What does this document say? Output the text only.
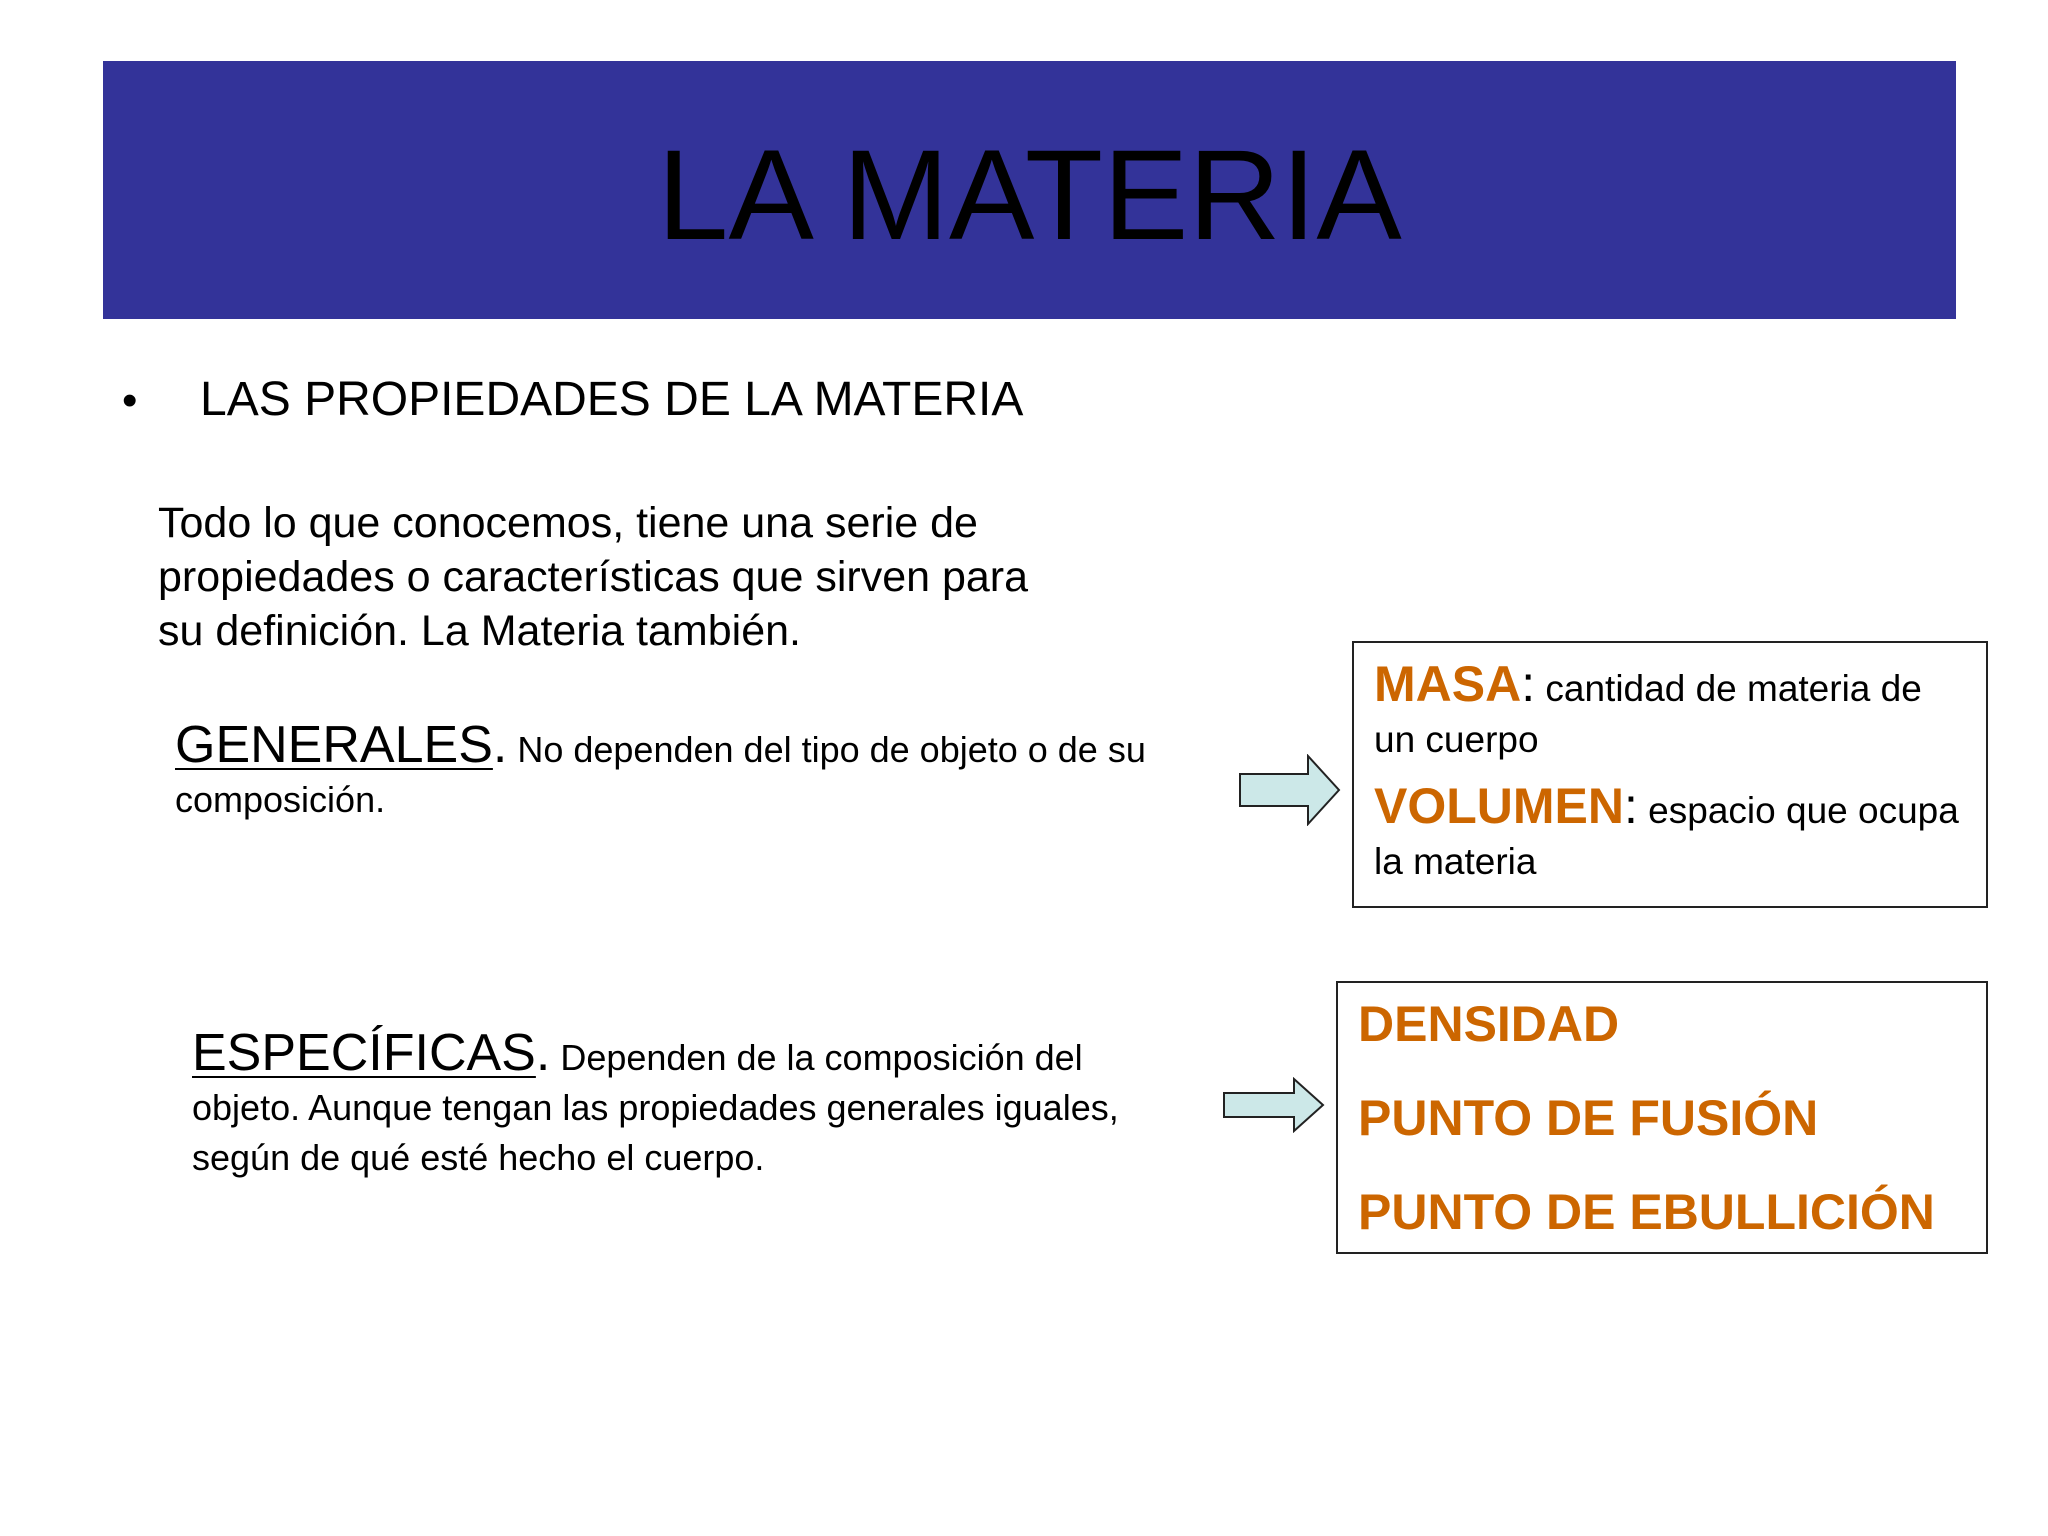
LA MATERIA
•	LAS PROPIEDADES DE LA MATERIA
Todo lo que conocemos, tiene una serie de
propiedades o características que sirven para
su definición. La Materia también.
GENERALES. No dependen del tipo de objeto o de su composición.
MASA: cantidad de materia de un cuerpo
VOLUMEN: espacio que ocupa la materia
ESPECÍFICAS. Dependen de la composición del objeto. Aunque tengan las propiedades generales iguales, según de qué esté hecho el cuerpo.
DENSIDAD
PUNTO DE FUSIÓN
PUNTO DE EBULLICIÓN
